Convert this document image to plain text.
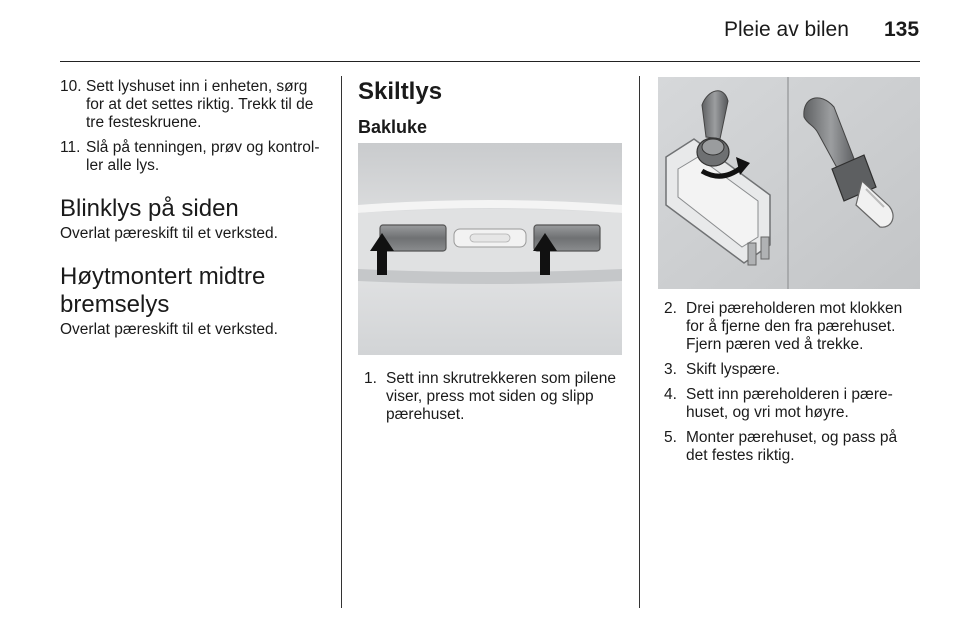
Pleie av bilen 135
10. Sett lyshuset inn i enheten, sørg for at det settes riktig. Trekk til de tre festeskruene.
11. Slå på tenningen, prøv og kontrol-ler alle lys.
Blinklys på siden
Overlat pæreskift til et verksted.
Høytmontert midtre bremselys
Overlat pæreskift til et verksted.
Skiltlys
Bakluke
1. Sett inn skrutrekkeren som pilene viser, press mot siden og slipp pærehuset.
2. Drei pæreholderen mot klokken for å fjerne den fra pærehuset. Fjern pæren ved å trekke.
3. Skift lyspære.
4. Sett inn pæreholderen i pære-huset, og vri mot høyre.
5. Monter pærehuset, og pass på det festes riktig.
